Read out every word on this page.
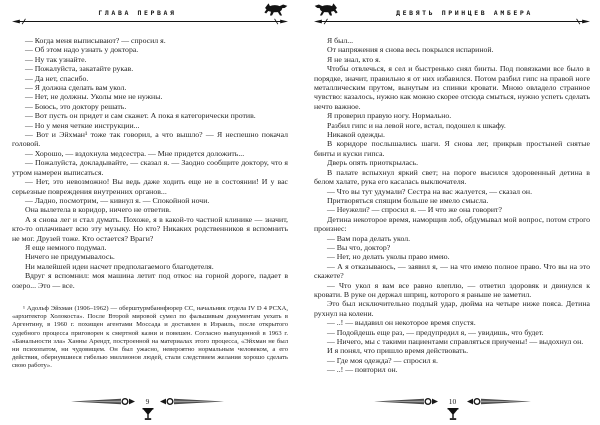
ГЛАВА ПЕРВАЯ

— Когда меня выписывают? — спросил я.

— Об этом надо узнать у доктора.

— Ну так узнайте.

— Пожалуйста, закатайте рукав.

— Да нет, спасибо.

— Я должна сделать вам укол.

— Нет, не должны. Уколы мне не нужны.

— Боюсь, это доктору решать.

— Вот пусть он придет и сам скажет. А пока я категорически против.

— Но у меня четкие инструкции...

— Вот и Эйхман¹ тоже так говорил, а что вышло? — Я неспешно покачал головой.

— Хорошо, — вздохнула медсестра. — Мне придется доложить...

— Пожалуйста, докладывайте, — сказал я. — Заодно сообщите доктору, что я утром намерен выписаться.

— Нет, это невозможно! Вы ведь даже ходить еще не в состоянии! И у вас серьезные повреждения внутренних органов...

— Ладно, посмотрим, — кивнул я. — Спокойной ночи.

Она вылетела в коридор, ничего не ответив.

А я снова лег и стал думать. Похоже, я в какой-то частной клинике — значит, кто-то оплачивает всю эту музыку. Но кто? Никаких родственников я вспомнить не мог. Друзей тоже. Кто остается? Враги?

Я еще немного подумал.

Ничего не придумывалось.

Ни малейшей идеи насчет предполагаемого благодетеля.

Вдруг я вспомнил: моя машина летит под откос на горной дороге, падает в озеро... Это — все.

¹ Адольф Эйхман (1906–1962) — оберштурмбаннфюрер СС, начальник отдела IV D 4 РСХА, «архитектор Холокоста». После Второй мировой сумел по фальшивым документам уехать в Аргентину, в 1960 г. похищен агентами Моссада и доставлен в Израиль, после открытого судебного процесса приговорен к смертной казни и повешен. Согласно выпущенной в 1963 г. «Банальности зла» Ханны Арендт, построенной на материалах этого процесса, «Эйхман не был ни психопатом, ни чудовищем. Он был ужасно, невероятно нормальным человеком, а его действия, обернувшиеся гибелью миллионов людей, стали следствием желания хорошо сделать свою работу».
9
ДЕВЯТЬ ПРИНЦЕВ АМБЕРА

Я был...

От напряжения я снова весь покрылся испариной.

Я не знал, кто я.

Чтобы отвлечься, я сел и быстренько снял бинты. Под повязками все было в порядке, значит, правильно я от них избавился. Потом разбил гипс на правой ноге металлическим прутом, вынутым из спинки кровати. Мною овладело странное чувство: казалось, нужно как можно скорее отсюда смыться, нужно успеть сделать нечто важное.

Я проверил правую ногу. Нормально.

Разбил гипс и на левой ноге, встал, подошел к шкафу.

Никакой одежды.

В коридоре послышались шаги. Я снова лег, прикрыв простыней снятые бинты и куски гипса.

Дверь опять приоткрылась.

В палате вспыхнул яркий свет; на пороге высился здоровенный детина в белом халате, рука его касалась выключателя.

— Что вы тут удумали? Сестра на вас жалуется, — сказал он.

Притворяться спящим больше не имело смысла.

— Неужели? — спросил я. — И что же она говорит?

Детина некоторое время, наморщив лоб, обдумывал мой вопрос, потом строго произнес:

— Вам пора делать укол.

— Вы что, доктор?

— Нет, но делать уколы право имею.

— А я отказываюсь, — заявил я, — на что имею полное право. Что вы на это скажете?

— Что укол я вам все равно влеплю, — ответил здоровяк и двинулся к кровати. В руке он держал шприц, которого я раньше не заметил.

Это был исключительно подлый удар, дюйма на четыре ниже пояса. Детина рухнул на колени.

— ..! — выдавил он некоторое время спустя.

— Подойдешь еще раз, — предупредил я, — увидишь, что будет.

— Ничего, мы с такими пациентами справляться приучены! — выдохнул он.

И я понял, что пришло время действовать.

— Где моя одежда? — спросил я.

— ..! — повторил он.

10
